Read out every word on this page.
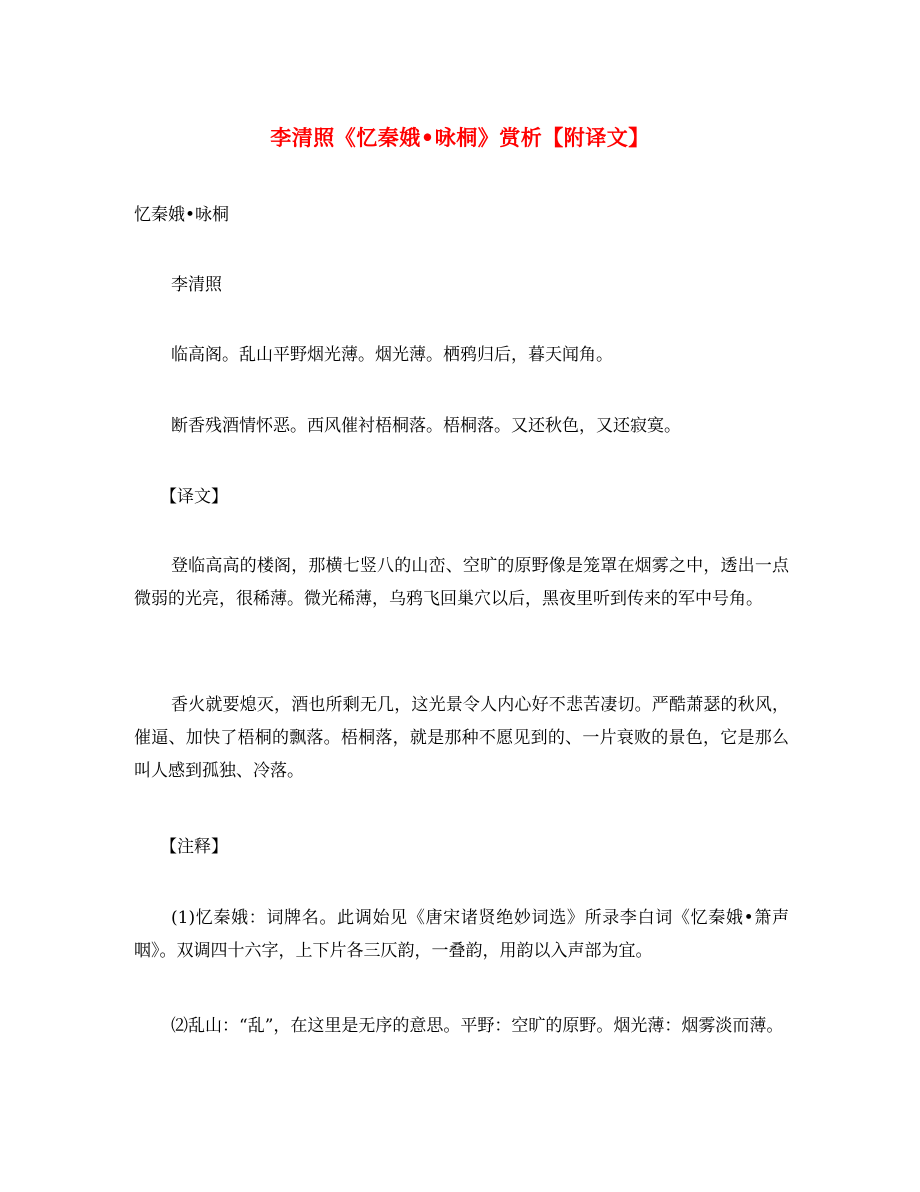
李清照《忆秦娥•咏桐》赏析【附译文】
忆秦娥•咏桐
李清照
临高阁。乱山平野烟光薄。烟光薄。栖鸦归后，暮天闻角。
断香残酒情怀恶。西风催衬梧桐落。梧桐落。又还秋色，又还寂寞。
【译文】
登临高高的楼阁，那横七竖八的山峦、空旷的原野像是笼罩在烟雾之中，透出一点微弱的光亮，很稀薄。微光稀薄，乌鸦飞回巢穴以后，黑夜里听到传来的军中号角。
香火就要熄灭，酒也所剩无几，这光景令人内心好不悲苦凄切。严酷萧瑟的秋风，催逼、加快了梧桐的飘落。梧桐落，就是那种不愿见到的、一片衰败的景色，它是那么叫人感到孤独、冷落。
【注释】
(1)忆秦娥：词牌名。此调始见《唐宋诸贤绝妙词选》所录李白词《忆秦娥•箫声咽》。双调四十六字，上下片各三仄韵，一叠韵，用韵以入声部为宜。
⑵乱山：“乱”，在这里是无序的意思。平野：空旷的原野。烟光薄：烟雾淡而薄。
